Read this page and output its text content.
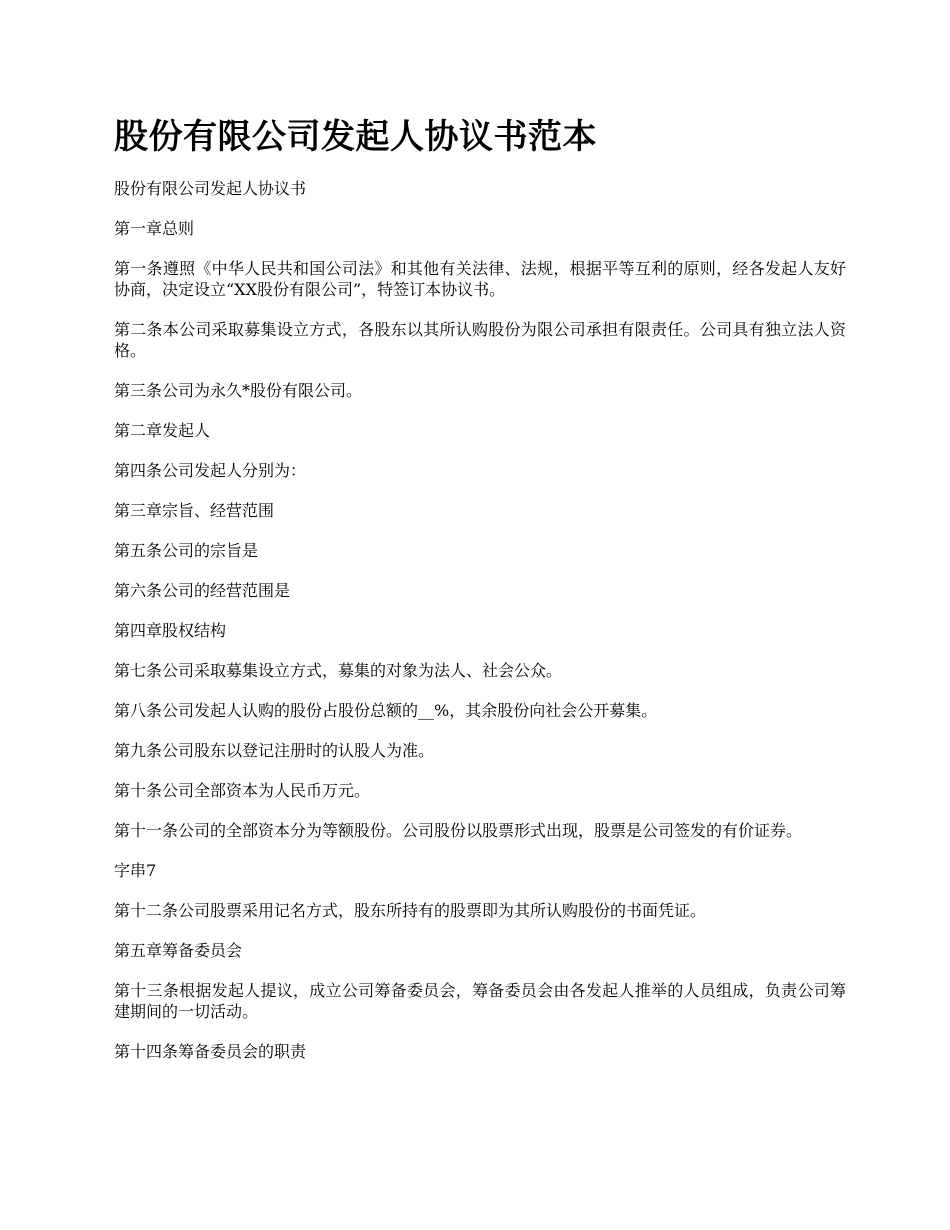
股份有限公司发起人协议书范本

股份有限公司发起人协议书

第一章总则

第一条遵照《中华人民共和国公司法》和其他有关法律、法规，根据平等互利的原则，经各发起人友好协商，决定设立“XX股份有限公司”，特签订本协议书。

第二条本公司采取募集设立方式，各股东以其所认购股份为限公司承担有限责任。公司具有独立法人资格。

第三条公司为永久*股份有限公司。

第二章发起人

第四条公司发起人分别为：

第三章宗旨、经营范围

第五条公司的宗旨是

第六条公司的经营范围是

第四章股权结构

第七条公司采取募集设立方式，募集的对象为法人、社会公众。

第八条公司发起人认购的股份占股份总额的__%，其余股份向社会公开募集。

第九条公司股东以登记注册时的认股人为准。

第十条公司全部资本为人民币万元。

第十一条公司的全部资本分为等额股份。公司股份以股票形式出现，股票是公司签发的有价证券。

字串7

第十二条公司股票采用记名方式，股东所持有的股票即为其所认购股份的书面凭证。

第五章筹备委员会

第十三条根据发起人提议，成立公司筹备委员会，筹备委员会由各发起人推举的人员组成，负责公司筹建期间的一切活动。

第十四条筹备委员会的职责
